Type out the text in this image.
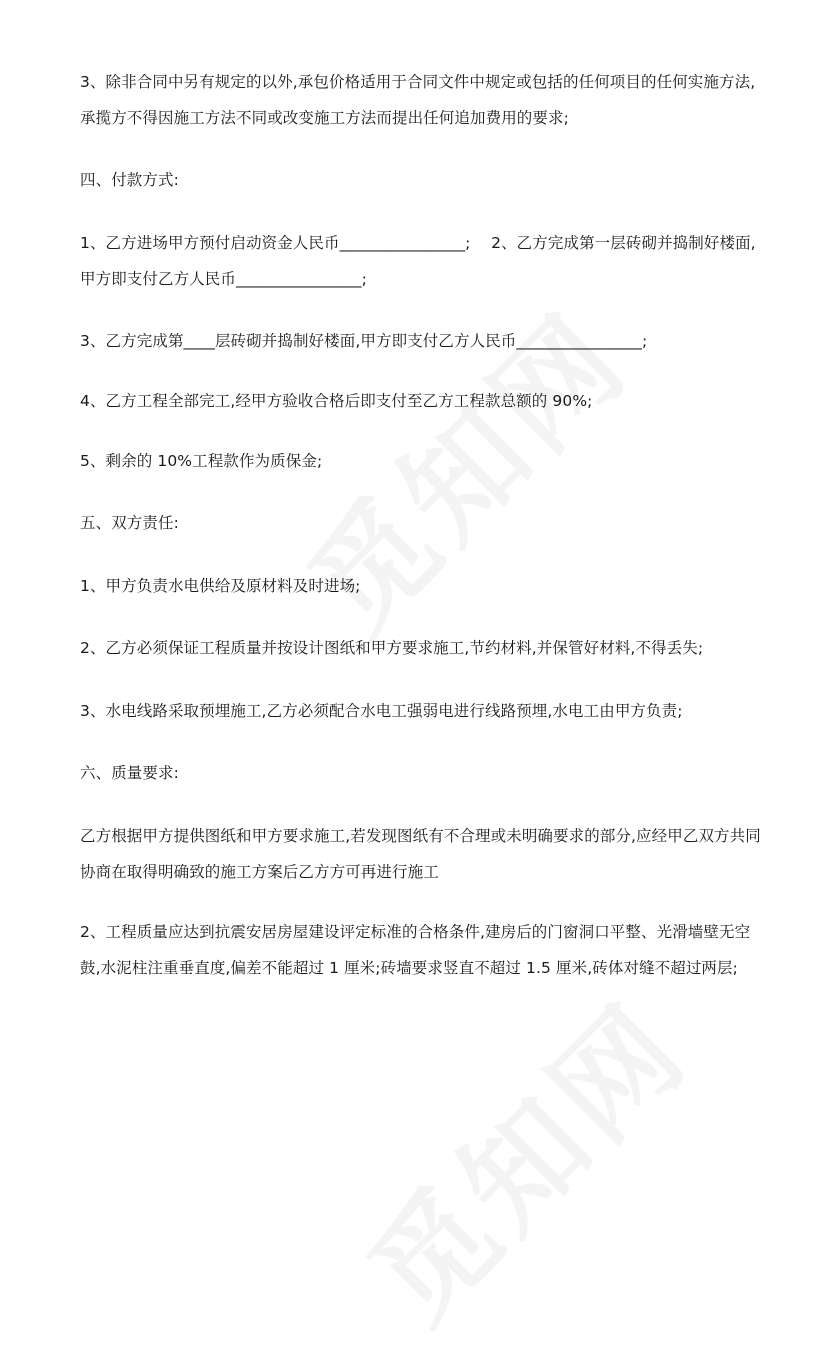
3、除非合同中另有规定的以外,承包价格适用于合同文件中规定或包括的任何项目的任何实施方法,承揽方不得因施工方法不同或改变施工方法而提出任何追加费用的要求;
四、付款方式:
1、乙方进场甲方预付启动资金人民币________________; 　2、乙方完成第一层砖砌并捣制好楼面,甲方即支付乙方人民币________________;
3、乙方完成第____层砖砌并捣制好楼面,甲方即支付乙方人民币________________;
4、乙方工程全部完工,经甲方验收合格后即支付至乙方工程款总额的 90%;
5、剩余的 10%工程款作为质保金;
五、双方责任:
1、甲方负责水电供给及原材料及时进场;
2、乙方必须保证工程质量并按设计图纸和甲方要求施工,节约材料,并保管好材料,不得丢失;
3、水电线路采取预埋施工,乙方必须配合水电工强弱电进行线路预埋,水电工由甲方负责;
六、质量要求:
乙方根据甲方提供图纸和甲方要求施工,若发现图纸有不合理或未明确要求的部分,应经甲乙双方共同协商在取得明确致的施工方案后乙方方可再进行施工
2、工程质量应达到抗震安居房屋建设评定标准的合格条件,建房后的门窗洞口平整、光滑墙壁无空鼓,水泥柱注重垂直度,偏差不能超过 1 厘米;砖墙要求竖直不超过 1.5 厘米,砖体对缝不超过两层;
